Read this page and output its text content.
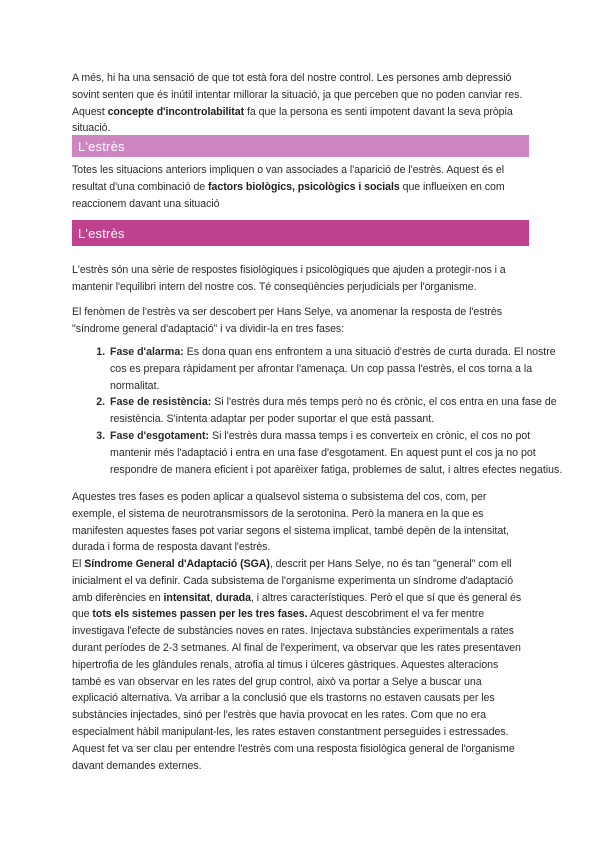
A més, hi ha una sensació de que tot està fora del nostre control. Les persones amb depressió sovint senten que és inútil intentar millorar la situació, ja que perceben que no poden canviar res. Aquest concepte d'incontrolabilitat fa que la persona es senti impotent davant la seva pròpia situació.

L'estrès

Totes les situacions anteriors impliquen o van associades a l'aparició de l'estrès. Aquest és el resultat d'una combinació de factors biològics, psicològics i socials que influeixen en com reaccionem davant una situació

L'estrès

L'estrès són una sèrie de respostes fisiològiques i psicològiques que ajuden a protegir-nos i a mantenir l'equilibri intern del nostre cos. Té conseqüències perjudicials per l'organisme.

El fenòmen de l'estrès va ser descobert per Hans Selye, va anomenar la resposta de l'estrès "síndrome general d'adaptació" i va dividir-la en tres fases:

1. Fase d'alarma: Es dona quan ens enfrontem a una situació d'estrès de curta durada. El nostre cos es prepara ràpidament per afrontar l'amenaça. Un cop passa l'estrès, el cos torna a la normalitat.
2. Fase de resistència: Si l'estrès dura més temps però no és crònic, el cos entra en una fase de resistència. S'intenta adaptar per poder suportar el que està passant.
3. Fase d'esgotament: Si l'estrès dura massa temps i es converteix en crònic, el cos no pot mantenir més l'adaptació i entra en una fase d'esgotament. En aquest punt el cos ja no pot respondre de manera eficient i pot aparèixer fatiga, problemes de salut, i altres efectes negatius.

Aquestes tres fases es poden aplicar a qualsevol sistema o subsistema del cos, com, per exemple, el sistema de neurotransmissors de la serotonina. Però la manera en la que es manifesten aquestes fases pot variar segons el sistema implicat, també depèn de la intensitat, durada i forma de resposta davant l'estrès.

El Síndrome General d'Adaptació (SGA), descrit per Hans Selye, no és tan "general" com ell inicialment el va definir. Cada subsistema de l'organisme experimenta un síndrome d'adaptació amb diferències en intensitat, durada, i altres característiques. Però el que sí que és general és que tots els sistemes passen per les tres fases. Aquest descobriment el va fer mentre investigava l'efecte de substàncies noves en rates. Injectava substàncies experimentals a rates durant períodes de 2-3 setmanes. Al final de l'experiment, va observar que les rates presentaven hipertrofia de les glàndules renals, atrofia al timus i úlceres gàstriques. Aquestes alteracions també es van observar en les rates del grup control, això va portar a Selye a buscar una explicació alternativa. Va arribar a la conclusió que els trastorns no estaven causats per les substàncies injectades, sinó per l'estrès que havia provocat en les rates. Com que no era especialment hàbil manipulant-les, les rates estaven constantment perseguides i estressades. Aquest fet va ser clau per entendre l'estrès com una resposta fisiològica general de l'organisme davant demandes externes.
